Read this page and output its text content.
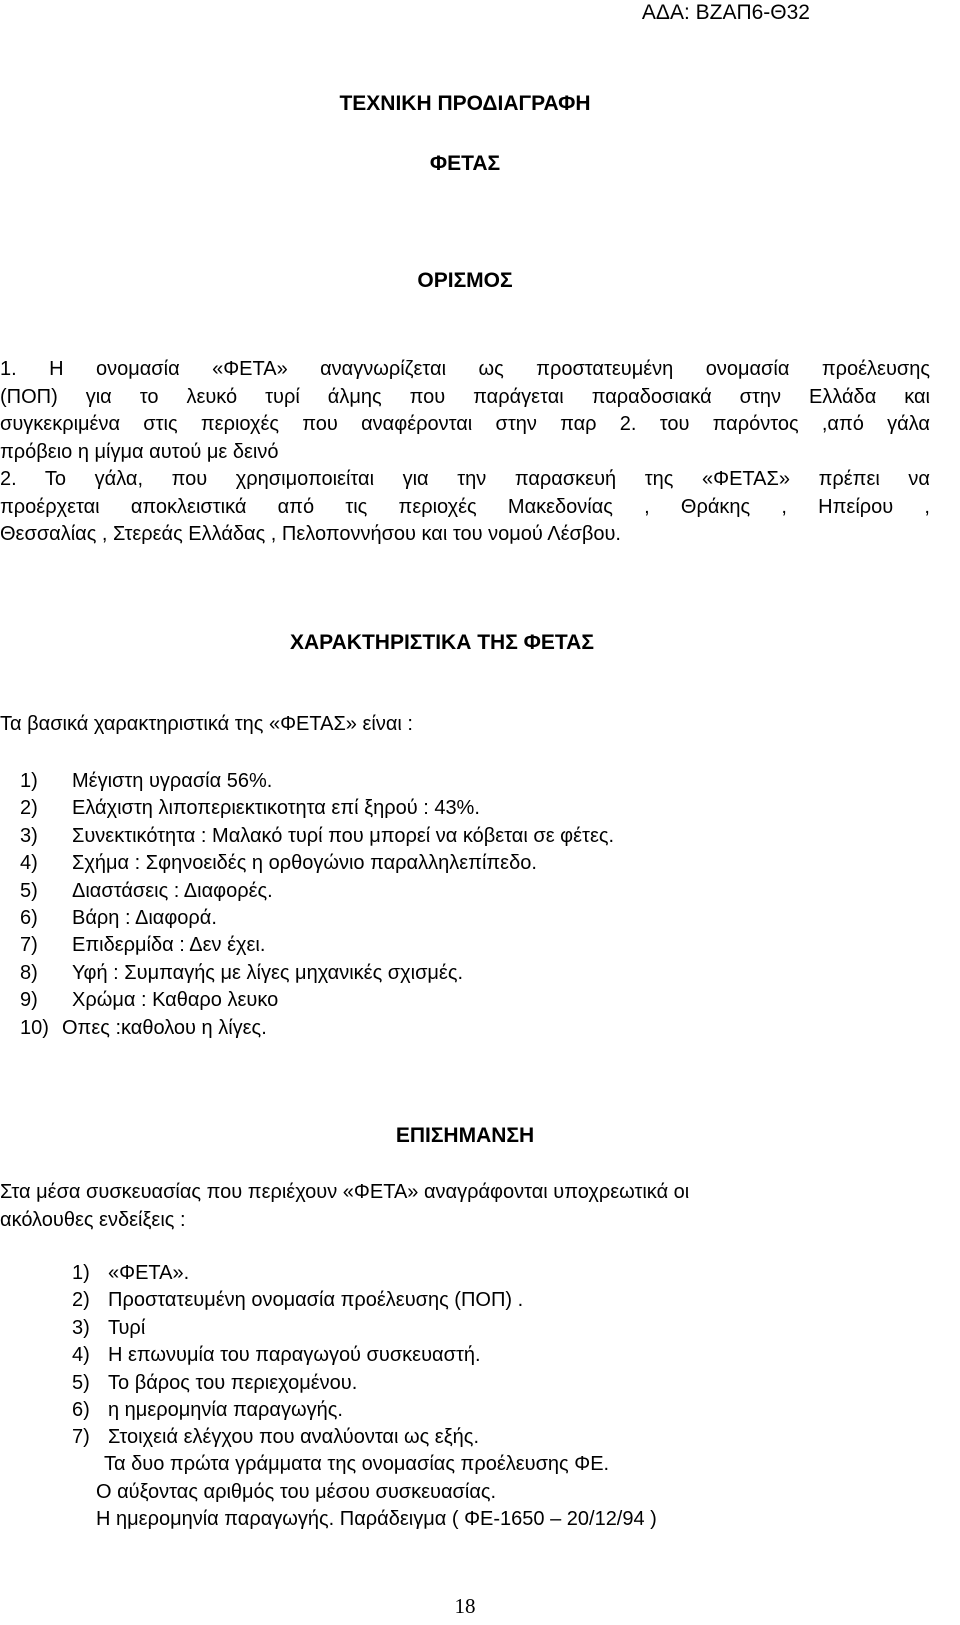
ΑΔΑ: ΒΖΑΠ6-Θ32
ΤΕΧΝΙΚΗ ΠΡΟΔΙΑΓΡΑΦΗ
ΦΕΤΑΣ
ΟΡΙΣΜΟΣ
1. Η ονομασία «ΦΕΤΑ» αναγνωρίζεται ως προστατευμένη ονομασία προέλευσης
(ΠΟΠ) για το λευκό τυρί άλμης που παράγεται παραδοσιακά στην Ελλάδα και
συγκεκριμένα στις περιοχές που αναφέρονται στην παρ 2. του παρόντος ,από γάλα
πρόβειο η μίγμα αυτού με δεινό
2. Το γάλα, που χρησιμοποιείται για την παρασκευή της «ΦΕΤΑΣ» πρέπει να
προέρχεται αποκλειστικά από τις περιοχές Μακεδονίας , Θράκης , Ηπείρου ,
Θεσσαλίας , Στερεάς Ελλάδας , Πελοποννήσου και του νομού Λέσβου.
ΧΑΡΑΚΤΗΡΙΣΤΙΚΑ ΤΗΣ ΦΕΤΑΣ
Τα βασικά χαρακτηριστικά της «ΦΕΤΑΣ» είναι :
1) Μέγιστη υγρασία 56%.
2) Ελάχιστη λιποπεριεκτικοτητα επί ξηρού : 43%.
3) Συνεκτικότητα : Μαλακό τυρί που μπορεί να κόβεται σε φέτες.
4) Σχήμα : Σφηνοειδές η ορθογώνιο παραλληλεπίπεδο.
5) Διαστάσεις : Διαφορές.
6) Βάρη : Διαφορά.
7) Επιδερμίδα : Δεν έχει.
8) Υφή : Συμπαγής με λίγες μηχανικές σχισμές.
9) Χρώμα : Καθαρο λευκο
10) Οπες :καθολου η λίγες.
ΕΠΙΣΗΜΑΝΣΗ
Στα μέσα συσκευασίας που περιέχουν «ΦΕΤΑ» αναγράφονται υποχρεωτικά οι
ακόλουθες ενδείξεις :
1) «ΦΕΤΑ».
2) Προστατευμένη ονομασία προέλευσης (ΠΟΠ) .
3) Τυρί
4) Η επωνυμία του παραγωγού συσκευαστή.
5) Το βάρος του περιεχομένου.
6) η ημερομηνία παραγωγής.
7) Στοιχειά ελέγχου που αναλύονται ως εξής.
Τα δυο πρώτα γράμματα της ονομασίας προέλευσης ΦΕ.
Ο αύξοντας αριθμός του μέσου συσκευασίας.
Η ημερομηνία παραγωγής. Παράδειγμα ( ΦΕ-1650 – 20/12/94 )
18
